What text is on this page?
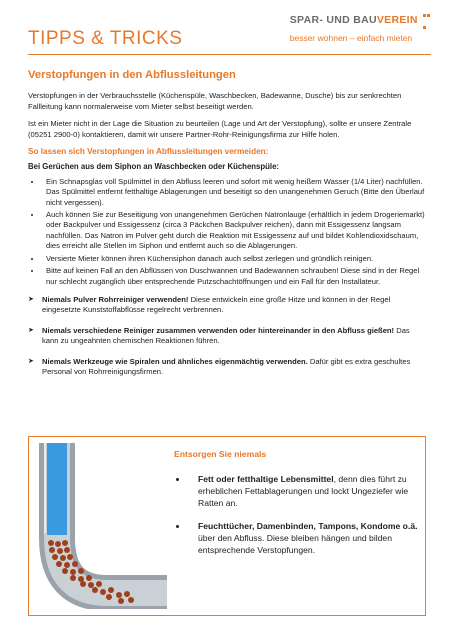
TIPPS & TRICKS
SPAR- UND BAUVEREIN

besser wohnen – einfach mieten
Verstopfungen in den Abflussleitungen

Verstopfungen in der Verbrauchsstelle (Küchenspüle, Waschbecken, Badewanne, Dusche) bis zur senkrechten Fallleitung kann normalerweise vom Mieter selbst beseitigt werden.

Ist ein Mieter nicht in der Lage die Situation zu beurteilen (Lage und Art der Verstopfung), sollte er unsere Zentrale (05251 2900-0) kontaktieren, damit wir unsere Partner-Rohr-Reinigungsfirma zur Hilfe holen.

So lassen sich Verstopfungen in Abflussleitungen vermeiden:
Bei Gerüchen aus dem Siphon an Waschbecken oder Küchenspüle:
• Ein Schnapsglas voll Spülmittel in den Abfluss leeren und sofort mit wenig heißem Wasser (1/4 Liter) nachfüllen. Das Spülmittel entfernt fetthaltige Ablagerungen und beseitigt so den unangenehmen Geruch (Bitte den Überlauf nicht vergessen).
• Auch können Sie zur Beseitigung von unangenehmen Gerüchen Natronlauge (erhältlich in jedem Drogeriemarkt) oder Backpulver und Essigessenz (circa 3 Päckchen Backpulver reichen), dann mit Essigessenz langsam nachfüllen. Das Natron im Pulver geht durch die Reaktion mit Essigessenz auf und bildet Kohlendioxidschaum, dies erreicht alle Stellen im Siphon und entfernt auch so die Ablagerungen.
• Versierte Mieter können ihren Küchensiphon danach auch selbst zerlegen und gründlich reinigen.
• Bitte auf keinen Fall an den Abflüssen von Duschwannen und Badewannen schrauben! Diese sind in der Regel nur schlecht zugänglich über entsprechende Putzschachtöffnungen und ein Fall für den Installateur.
➤ Niemals Pulver Rohrreiniger verwenden! Diese entwickeln eine große Hitze und können in der Regel eingesetzte Kunststoffabflüsse regelrecht verbrennen.
➤ Niemals verschiedene Reiniger zusammen verwenden oder hintereinander in den Abfluss gießen! Das kann zu ungeahnten chemischen Reaktionen führen.
➤ Niemals Werkzeuge wie Spiralen und ähnliches eigenmächtig verwenden. Dafür gibt es extra geschultes Personal von Rohrreinigungsfirmen.
Entsorgen Sie niemals
• Fett oder fetthaltige Lebensmittel, denn dies führt zu erheblichen Fettablagerungen und lockt Ungeziefer wie Ratten an.
• Feuchttücher, Damenbinden, Tampons, Kondome o.ä. über den Abfluss. Diese bleiben hängen und bilden entsprechende Verstopfungen.
